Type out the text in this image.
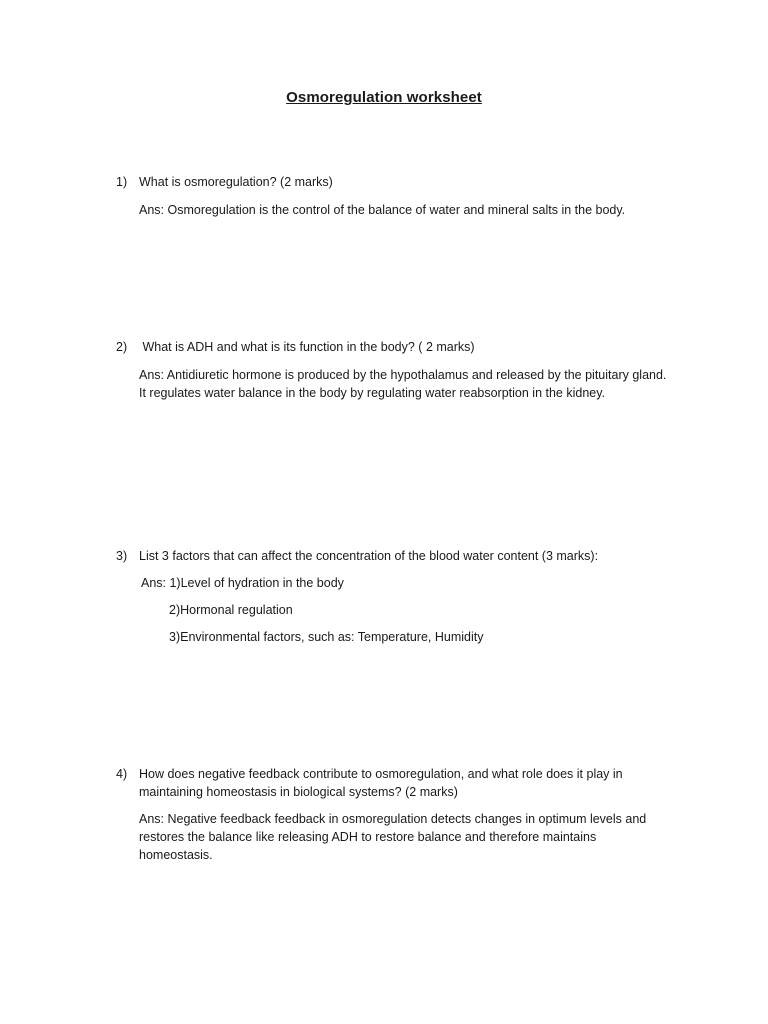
Osmoregulation worksheet
1) What is osmoregulation? (2 marks)
Ans: Osmoregulation is the control of the balance of water and mineral salts in the body.
2) What is ADH and what is its function in the body? ( 2 marks)
Ans: Antidiuretic hormone is produced by the hypothalamus and released by the pituitary gland. It regulates water balance in the body by regulating water reabsorption in the kidney.
3) List 3 factors that can affect the concentration of the blood water content (3 marks):
Ans: 1)Level of hydration in the body
2)Hormonal regulation
3)Environmental factors, such as: Temperature, Humidity
4) How does negative feedback contribute to osmoregulation, and what role does it play in maintaining homeostasis in biological systems? (2 marks)
Ans: Negative feedback feedback in osmoregulation detects changes in optimum levels and restores the balance like releasing ADH to restore balance and therefore maintains homeostasis.
